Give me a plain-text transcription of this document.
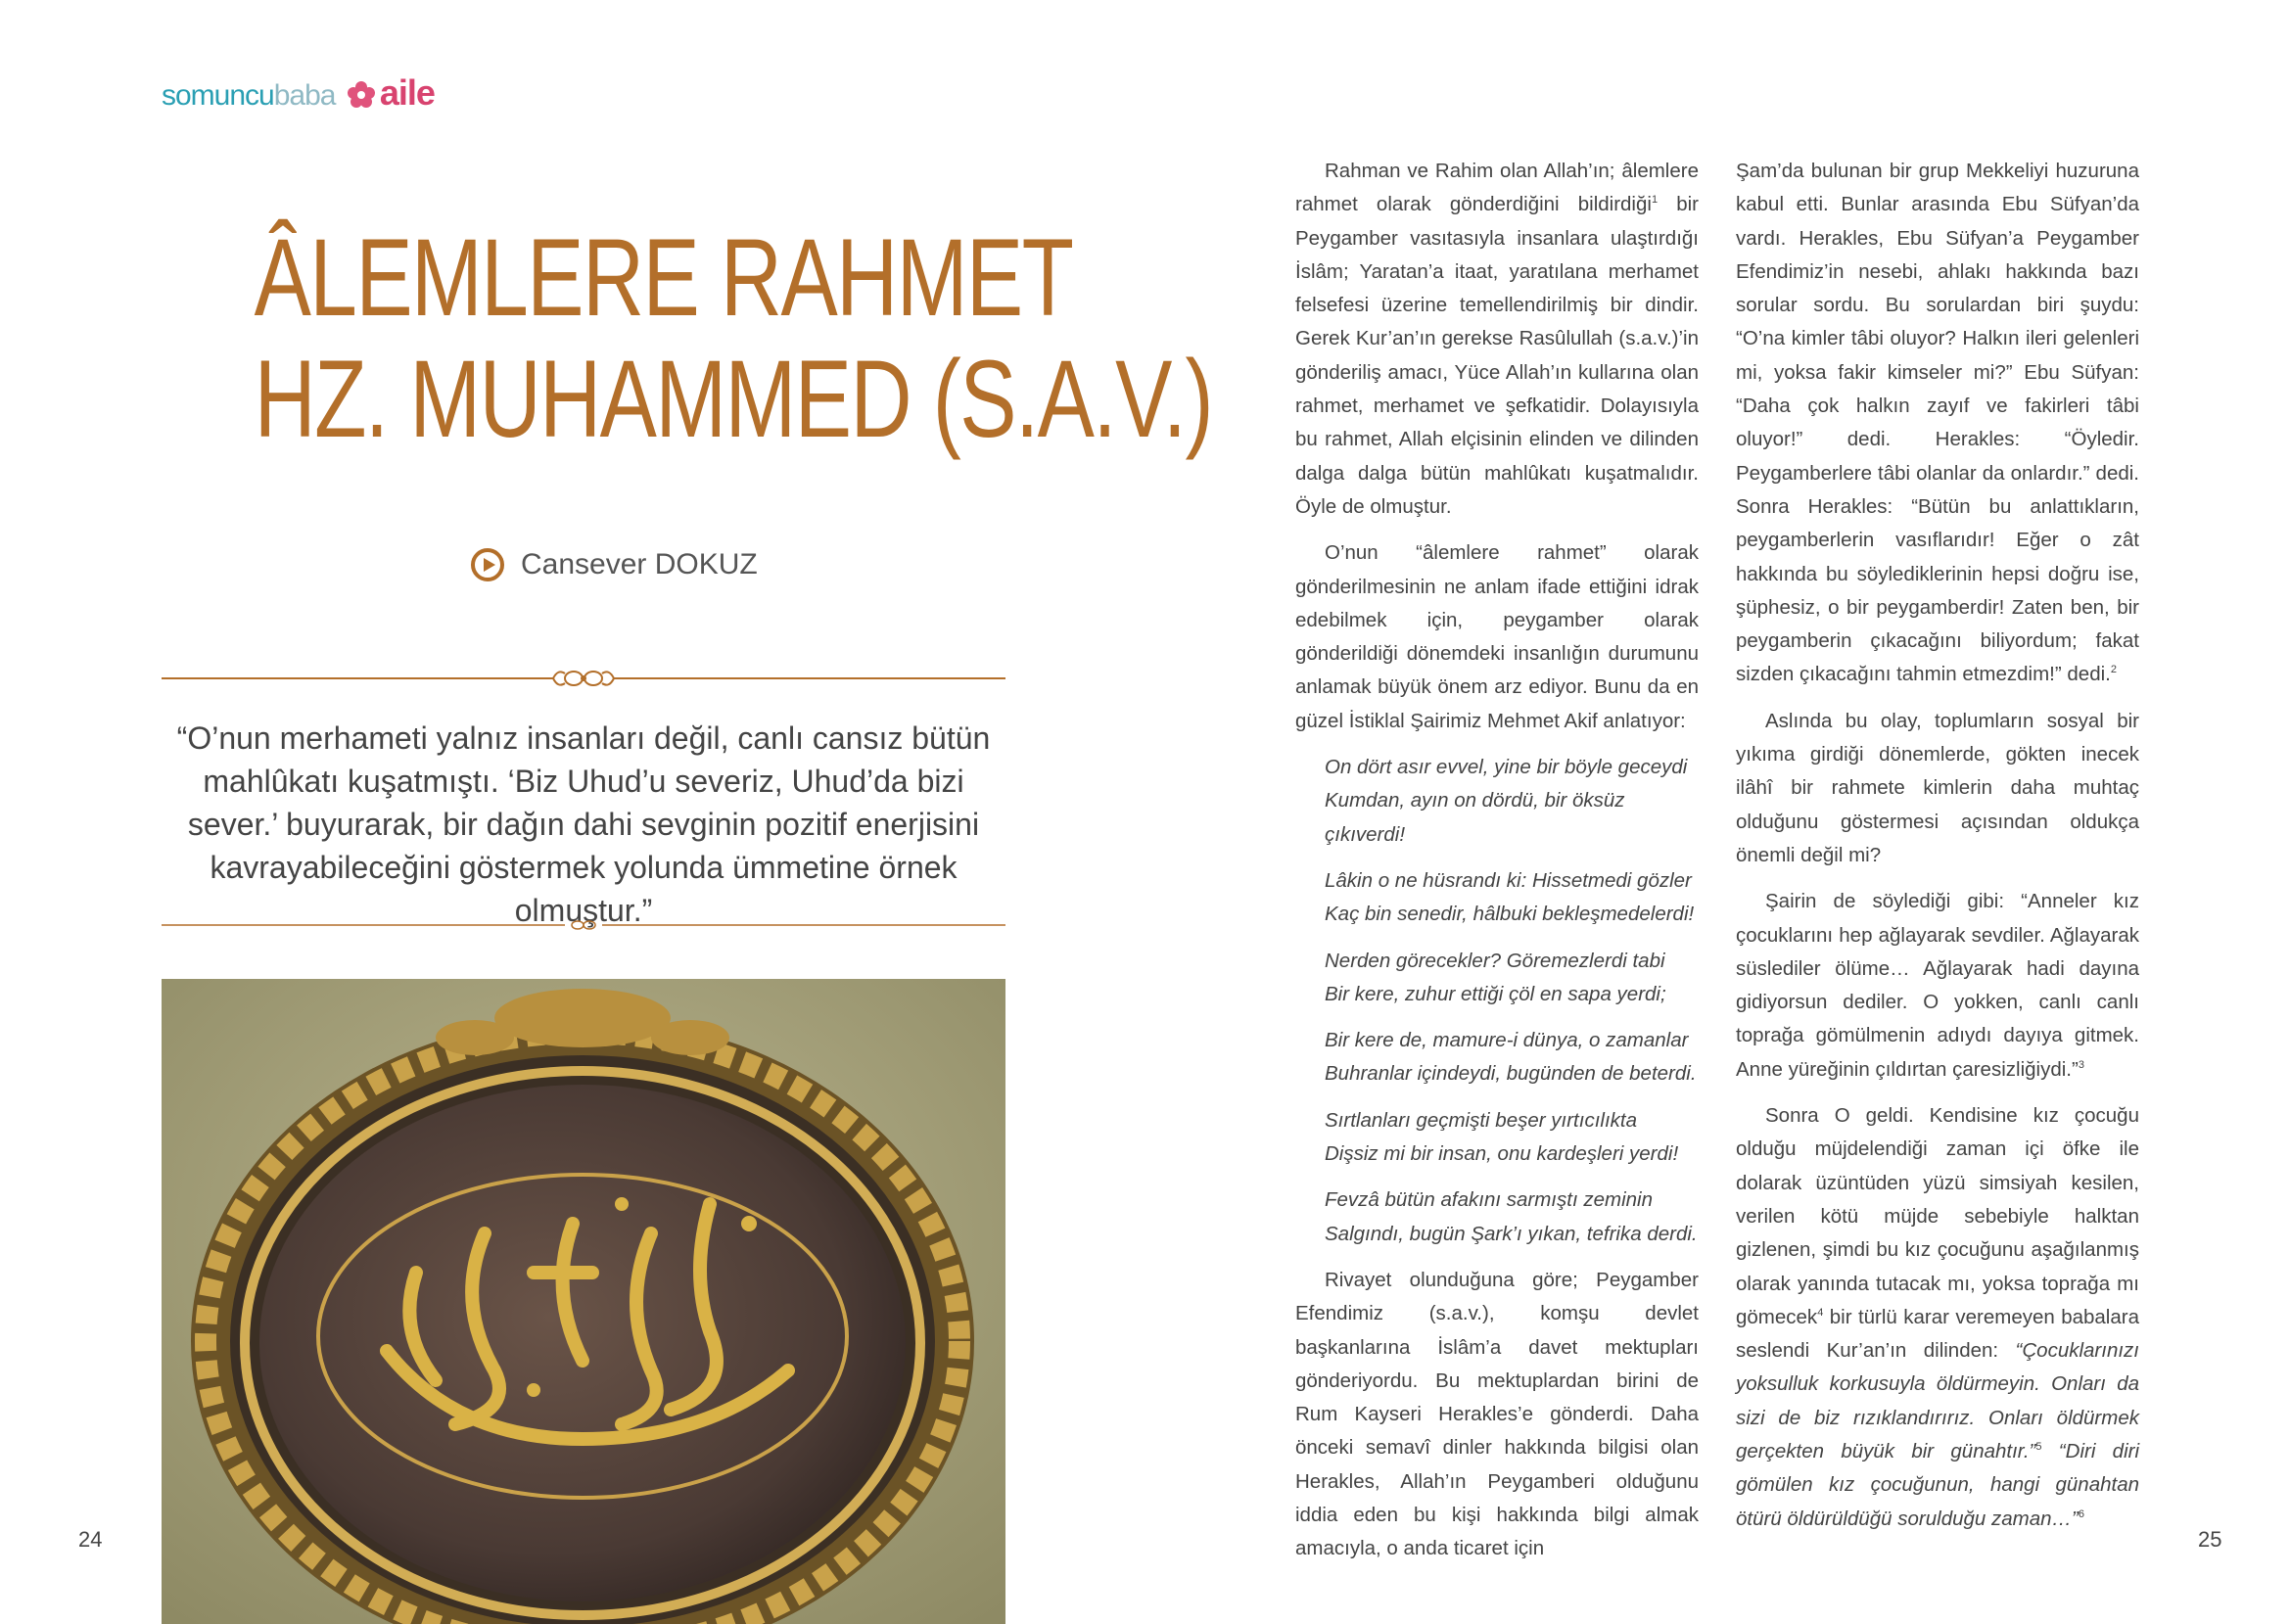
somuncubaba aile
ÂLEMLERE RAHMET
HZ. MUHAMMED (S.A.V.)
Cansever DOKUZ
“O’nun merhameti yalnız insanları değil, canlı cansız bütün mahlûkatı kuşatmıştı. ‘Biz Uhud’u severiz, Uhud’da bizi sever.’ buyurarak, bir dağın dahi sevginin pozitif enerjisini kavrayabileceğini göstermek yolunda ümmetine örnek olmuştur.”
24	25

Rahman ve Rahim olan Allah’ın; âlemlere rahmet olarak gönderdiğini bildirdiği$^1$ bir Peygamber vasıtasıyla insanlara ulaştırdığı İslâm; Yaratan’a itaat, yaratılana merhamet felsefesi üzerine temellendirilmiş bir dindir. Gerek Kur’an’ın gerekse Rasûlullah (s.a.v.)’in gönderiliş amacı, Yüce Allah’ın kullarına olan rahmet, merhamet ve şefkatidir. Dolayısıyla bu rahmet, Allah elçisinin elinden ve dilinden dalga dalga bütün mahlûkatı kuşatmalıdır. Öyle de olmuştur.

O’nun “âlemlere rahmet” olarak gönderilmesinin ne anlam ifade ettiğini idrak edebilmek için, peygamber olarak gönderildiği dönemdeki insanlığın durumunu anlamak büyük önem arz ediyor. Bunu da en güzel İstiklal Şairimiz Mehmet Akif anlatıyor:

On dört asır evvel, yine bir böyle geceydi
Kumdan, ayın on dördü, bir öksüz çıkıverdi!

Lâkin o ne hüsrandı ki: Hissetmedi gözler
Kaç bin senedir, hâlbuki bekleşmedelerdi!

Nerden görecekler? Göremezlerdi tabi
Bir kere, zuhur ettiği çöl en sapa yerdi;

Bir kere de, mamure-i dünya, o zamanlar
Buhranlar içindeydi, bugünden de beterdi.

Sırtlanları geçmişti beşer yırtıcılıkta
Dişsiz mi bir insan, onu kardeşleri yerdi!

Fevzâ bütün afakını sarmıştı zeminin
Salgındı, bugün Şark’ı yıkan, tefrika derdi.

Rivayet olunduğuna göre; Peygamber Efendimiz (s.a.v.), komşu devlet başkanlarına İslâm’a davet mektupları gönderiyordu. Bu mektuplardan birini de Rum Kayseri Herakles’e gönderdi. Daha önceki semavî dinler hakkında bilgisi olan Herakles, Allah’ın Peygamberi olduğunu iddia eden bu kişi hakkında bilgi almak amacıyla, o anda ticaret için

Şam’da bulunan bir grup Mekkeliyi huzuruna kabul etti. Bunlar arasında Ebu Süfyan’da vardı. Herakles, Ebu Süfyan’a Peygamber Efendimiz’in nesebi, ahlakı hakkında bazı sorular sordu. Bu sorulardan biri şuydu: “O’na kimler tâbi oluyor? Halkın ileri gelenleri mi, yoksa fakir kimseler mi?” Ebu Süfyan: “Daha çok halkın zayıf ve fakirleri tâbi oluyor!” dedi. Herakles: “Öyledir. Peygamberlere tâbi olanlar da onlardır.” dedi. Sonra Herakles: “Bütün bu anlattıkların, peygamberlerin vasıflarıdır! Eğer o zât hakkında bu söylediklerinin hepsi doğru ise, şüphesiz, o bir peygamberdir! Zaten ben, bir peygamberin çıkacağını biliyordum; fakat sizden çıkacağını tahmin etmezdim!” dedi.$^2$

Aslında bu olay, toplumların sosyal bir yıkıma girdiği dönemlerde, gökten inecek ilâhî bir rahmete kimlerin daha muhtaç olduğunu göstermesi açısından oldukça önemli değil mi?

Şairin de söylediği gibi: “Anneler kız çocuklarını hep ağlayarak sevdiler. Ağlayarak süslediler ölüme… Ağlayarak hadi dayına gidiyorsun dediler. O yokken, canlı canlı toprağa gömülmenin adıydı dayıya gitmek. Anne yüreğinin çıldırtan çaresizliğiydi.”$^3$

Sonra O geldi. Kendisine kız çocuğu olduğu müjdelendiği zaman içi öfke ile dolarak üzüntüden yüzü simsiyah kesilen, verilen kötü müjde sebebiyle halktan gizlenen, şimdi bu kız çocuğunu aşağılanmış olarak yanında tutacak mı, yoksa toprağa mı gömecek$^4$ bir türlü karar veremeyen babalara seslendi Kur’an’ın dilinden: “Çocuklarınızı yoksulluk korkusuyla öldürmeyin. Onları da sizi de biz rızıklandırırız. Onları öldürmek gerçekten büyük bir günahtır.”$^5$ “Diri diri gömülen kız çocuğunun, hangi günahtan ötürü öldürüldüğü sorulduğu zaman…”$^6$
